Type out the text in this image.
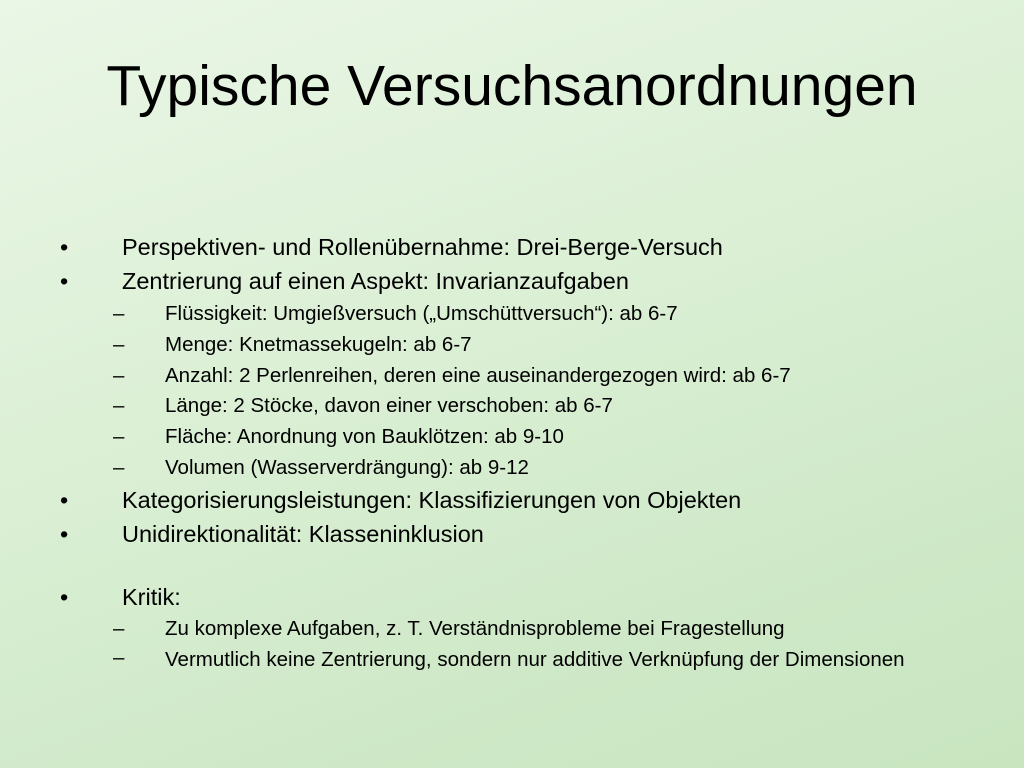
Typische Versuchsanordnungen
• Perspektiven- und Rollenübernahme: Drei-Berge-Versuch
• Zentrierung auf einen Aspekt: Invarianzaufgaben
– Flüssigkeit: Umgießversuch („Umschüttversuch“): ab 6-7
– Menge: Knetmassekugeln: ab 6-7
– Anzahl: 2 Perlenreihen, deren eine auseinandergezogen wird: ab 6-7
– Länge: 2 Stöcke, davon einer verschoben: ab 6-7
– Fläche: Anordnung von Bauklötzen: ab 9-10
– Volumen (Wasserverdrängung): ab 9-12
• Kategorisierungsleistungen: Klassifizierungen von Objekten
• Unidirektionalität: Klasseninklusion
• Kritik:
– Zu komplexe Aufgaben, z. T. Verständnisprobleme bei Fragestellung
– Vermutlich keine Zentrierung, sondern nur additive Verknüpfung der Dimensionen
